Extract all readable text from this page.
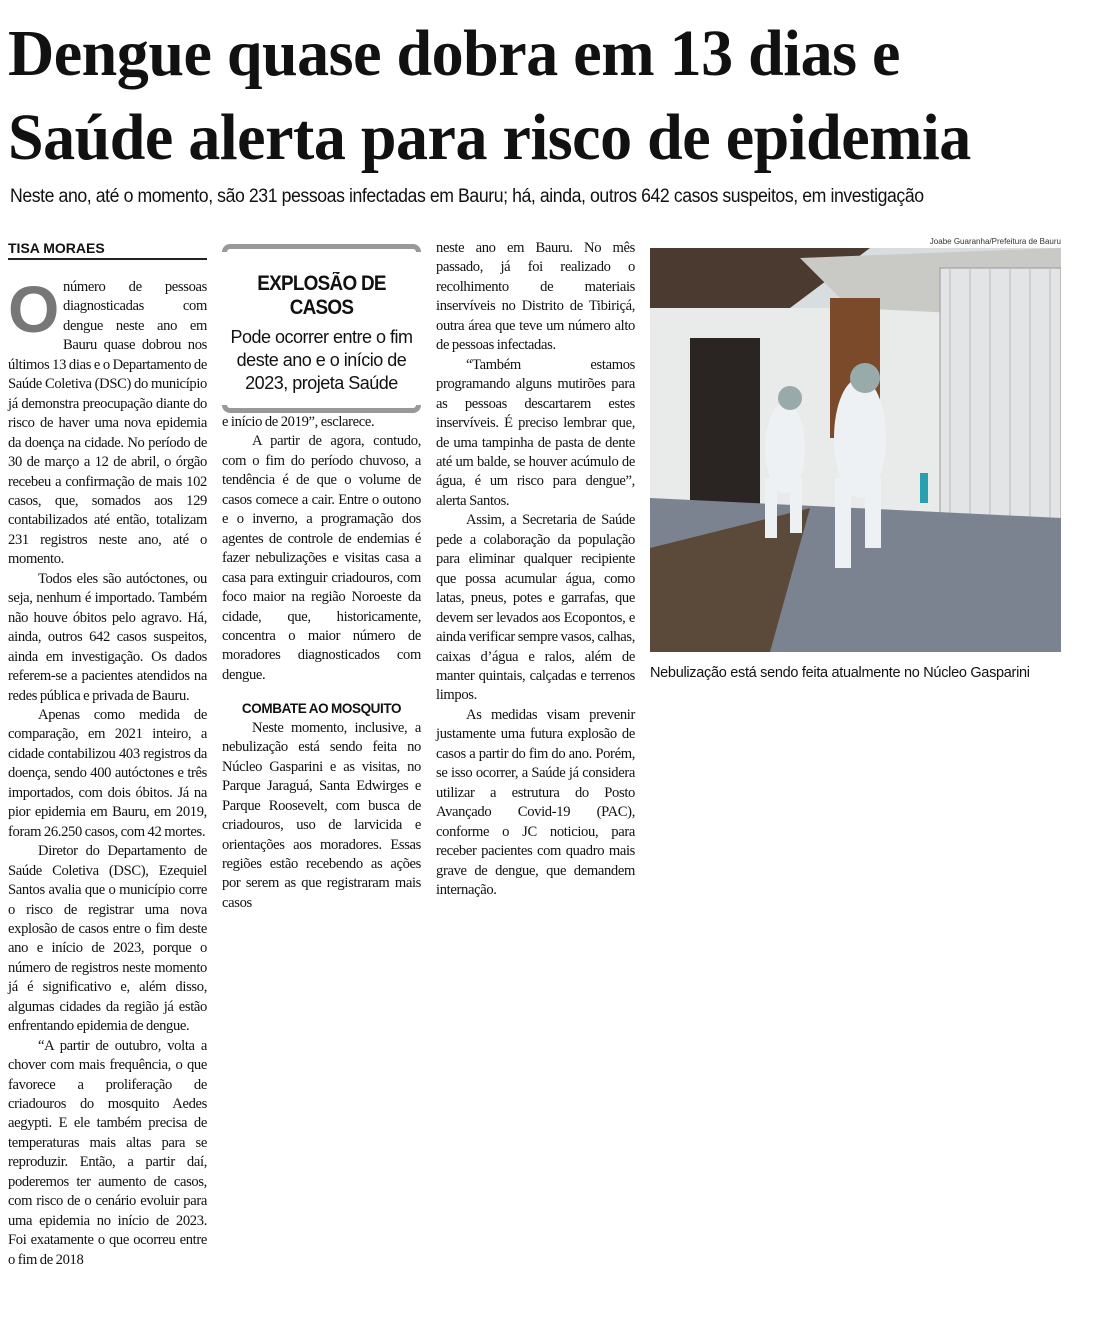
Dengue quase dobra em 13 dias e Saúde alerta para risco de epidemia
Neste ano, até o momento, são 231 pessoas infectadas em Bauru; há, ainda, outros 642 casos suspeitos, em investigação
TISA MORAES

Onúmero de pessoas diagnosticadas com dengue neste ano em Bauru quase dobrou nos últimos 13 dias e o Departamento de Saúde Coletiva (DSC) do município já demonstra preocupação diante do risco de haver uma nova epidemia da doença na cidade. No período de 30 de março a 12 de abril, o órgão recebeu a confirmação de mais 102 casos, que, somados aos 129 contabilizados até então, totalizam 231 registros neste ano, até o momento.

Todos eles são autóctones, ou seja, nenhum é importado. Também não houve óbitos pelo agravo. Há, ainda, outros 642 casos suspeitos, ainda em investigação. Os dados referem-se a pacientes atendidos na redes pública e privada de Bauru.

Apenas como medida de comparação, em 2021 inteiro, a cidade contabilizou 403 registros da doença, sendo 400 autóctones e três importados, com dois óbitos. Já na pior epidemia em Bauru, em 2019, foram 26.250 casos, com 42 mortes.

Diretor do Departamento de Saúde Coletiva (DSC), Ezequiel Santos avalia que o município corre o risco de registrar uma nova explosão de casos entre o fim deste ano e início de 2023, porque o número de registros neste momento já é significativo e, além disso, algumas cidades da região já estão enfrentando epidemia de dengue.

“A partir de outubro, volta a chover com mais frequência, o que favorece a proliferação de criadouros do mosquito Aedes aegypti. E ele também precisa de temperaturas mais altas para se reproduzir. Então, a partir daí, poderemos ter aumento de casos, com risco de o cenário evoluir para uma epidemia no início de 2023. Foi exatamente o que ocorreu entre o fim de 2018

EXPLOSÃO DE CASOS
Pode ocorrer entre o fim deste ano e o início de 2023, projeta Saúde

e início de 2019”, esclarece.

A partir de agora, contudo, com o fim do período chuvoso, a tendência é de que o volume de casos comece a cair. Entre o outono e o inverno, a programação dos agentes de controle de endemias é fazer nebulizações e visitas casa a casa para extinguir criadouros, com foco maior na região Noroeste da cidade, que, historicamente, concentra o maior número de moradores diagnosticados com dengue.

COMBATE AO MOSQUITO

Neste momento, inclusive, a nebulização está sendo feita no Núcleo Gasparini e as visitas, no Parque Jaraguá, Santa Edwirges e Parque Roosevelt, com busca de criadouros, uso de larvicida e orientações aos moradores. Essas regiões estão recebendo as ações por serem as que registraram mais casos

neste ano em Bauru. No mês passado, já foi realizado o recolhimento de materiais inservíveis no Distrito de Tibiriçá, outra área que teve um número alto de pessoas infectadas.

“Também estamos programando alguns mutirões para as pessoas descartarem estes inservíveis. É preciso lembrar que, de uma tampinha de pasta de dente até um balde, se houver acúmulo de água, é um risco para dengue”, alerta Santos.

Assim, a Secretaria de Saúde pede a colaboração da população para eliminar qualquer recipiente que possa acumular água, como latas, pneus, potes e garrafas, que devem ser levados aos Ecopontos, e ainda verificar sempre vasos, calhas, caixas d’água e ralos, além de manter quintais, calçadas e terrenos limpos.

As medidas visam prevenir justamente uma futura explosão de casos a partir do fim do ano. Porém, se isso ocorrer, a Saúde já considera utilizar a estrutura do Posto Avançado Covid-19 (PAC), conforme o JC noticiou, para receber pacientes com quadro mais grave de dengue, que demandem internação.

Joabe Guaranha/Prefeitura de Bauru
Nebulização está sendo feita atualmente no Núcleo Gasparini
